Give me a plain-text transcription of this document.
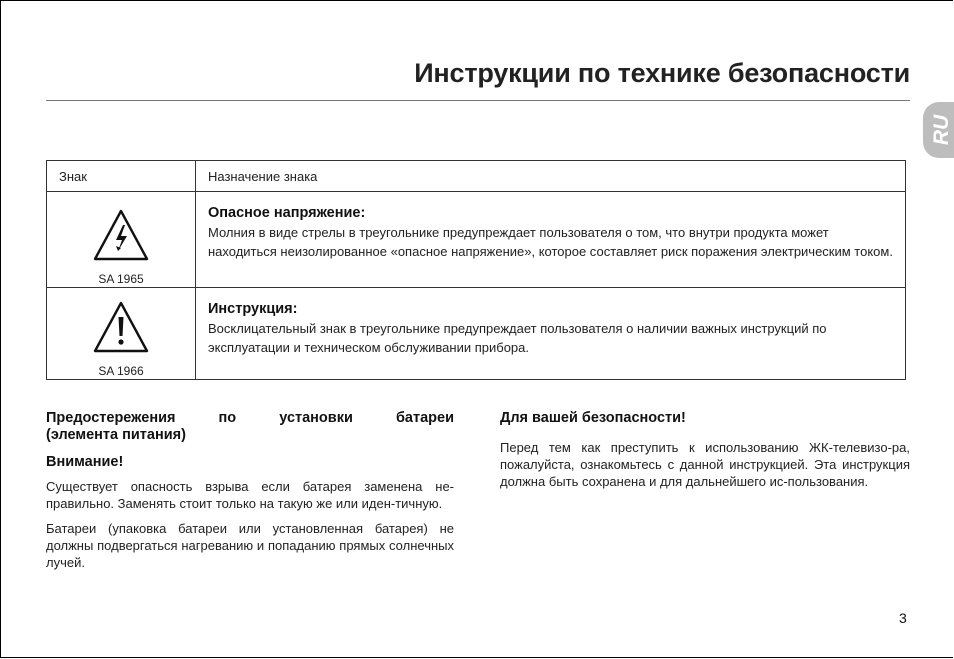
Инструкции по технике безопасности
RU
Знак	Назначение знака

SA 1965	Опасное напряжение:
Молния в виде стрелы в треугольнике предупреждает пользователя о том, что внутри продукта может находиться неизолированное «опасное напряжение», которое составляет риск поражения электрическим током.

SA 1966	Инструкция:
Восклицательный знак в треугольнике предупреждает пользователя о наличии важных инструкций по эксплуатации и техническом обслуживании прибора.
Предостережения по установки батареи
(элемента питания)
Внимание!

Существует опасность взрыва если батарея заменена не-правильно. Заменять стоит только на такую же или иден-тичную.

Батареи (упаковка батареи или установленная батарея) не должны подвергаться нагреванию и попаданию прямых солнечных лучей.

Для вашей безопасности!

Перед тем как преступить к использованию ЖК-телевизо-ра, пожалуйста, ознакомьтесь с данной инструкцией. Эта инструкция должна быть сохранена и для дальнейшего ис-пользования.

3
